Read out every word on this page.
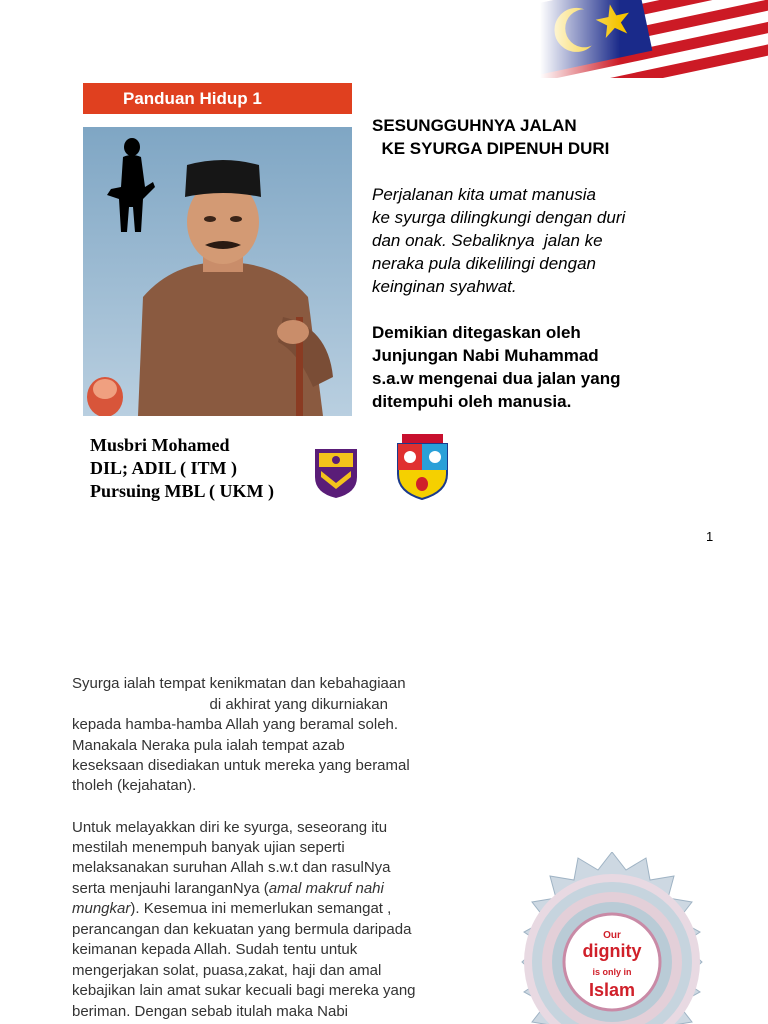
Panduan Hidup 1
SESUNGGUHNYA JALAN
KE SYURGA DIPENUH DURI
Perjalanan kita umat manusia
ke syurga dilingkungi dengan duri
dan onak. Sebaliknya  jalan ke
neraka pula dikelilingi dengan
keinginan syahwat.
Demikian ditegaskan oleh
Junjungan Nabi Muhammad
s.a.w mengenai dua jalan yang
ditempuhi oleh manusia.
Musbri Mohamed
DIL; ADIL ( ITM )
Pursuing MBL ( UKM )
1
Syurga ialah tempat kenikmatan dan kebahagiaan
di akhirat yang dikurniakan
kepada hamba-hamba Allah yang beramal soleh.
Manakala Neraka pula ialah tempat azab
keseksaan disediakan untuk mereka yang beramal
tholeh (kejahatan).
Untuk melayakkan diri ke syurga, seseorang itu
mestilah menempuh banyak ujian seperti
melaksanakan suruhan Allah s.w.t dan rasulNya
serta menjauhi laranganNya (amal makruf nahi
mungkar). Kesemua ini memerlukan semangat ,
perancangan dan kekuatan yang bermula daripada
keimanan kepada Allah. Sudah tentu untuk
mengerjakan solat, puasa,zakat, haji dan amal
kebajikan lain amat sukar kecuali bagi mereka yang
beriman. Dengan sebab itulah maka Nabi
Our
dignity
is only in
Islam
